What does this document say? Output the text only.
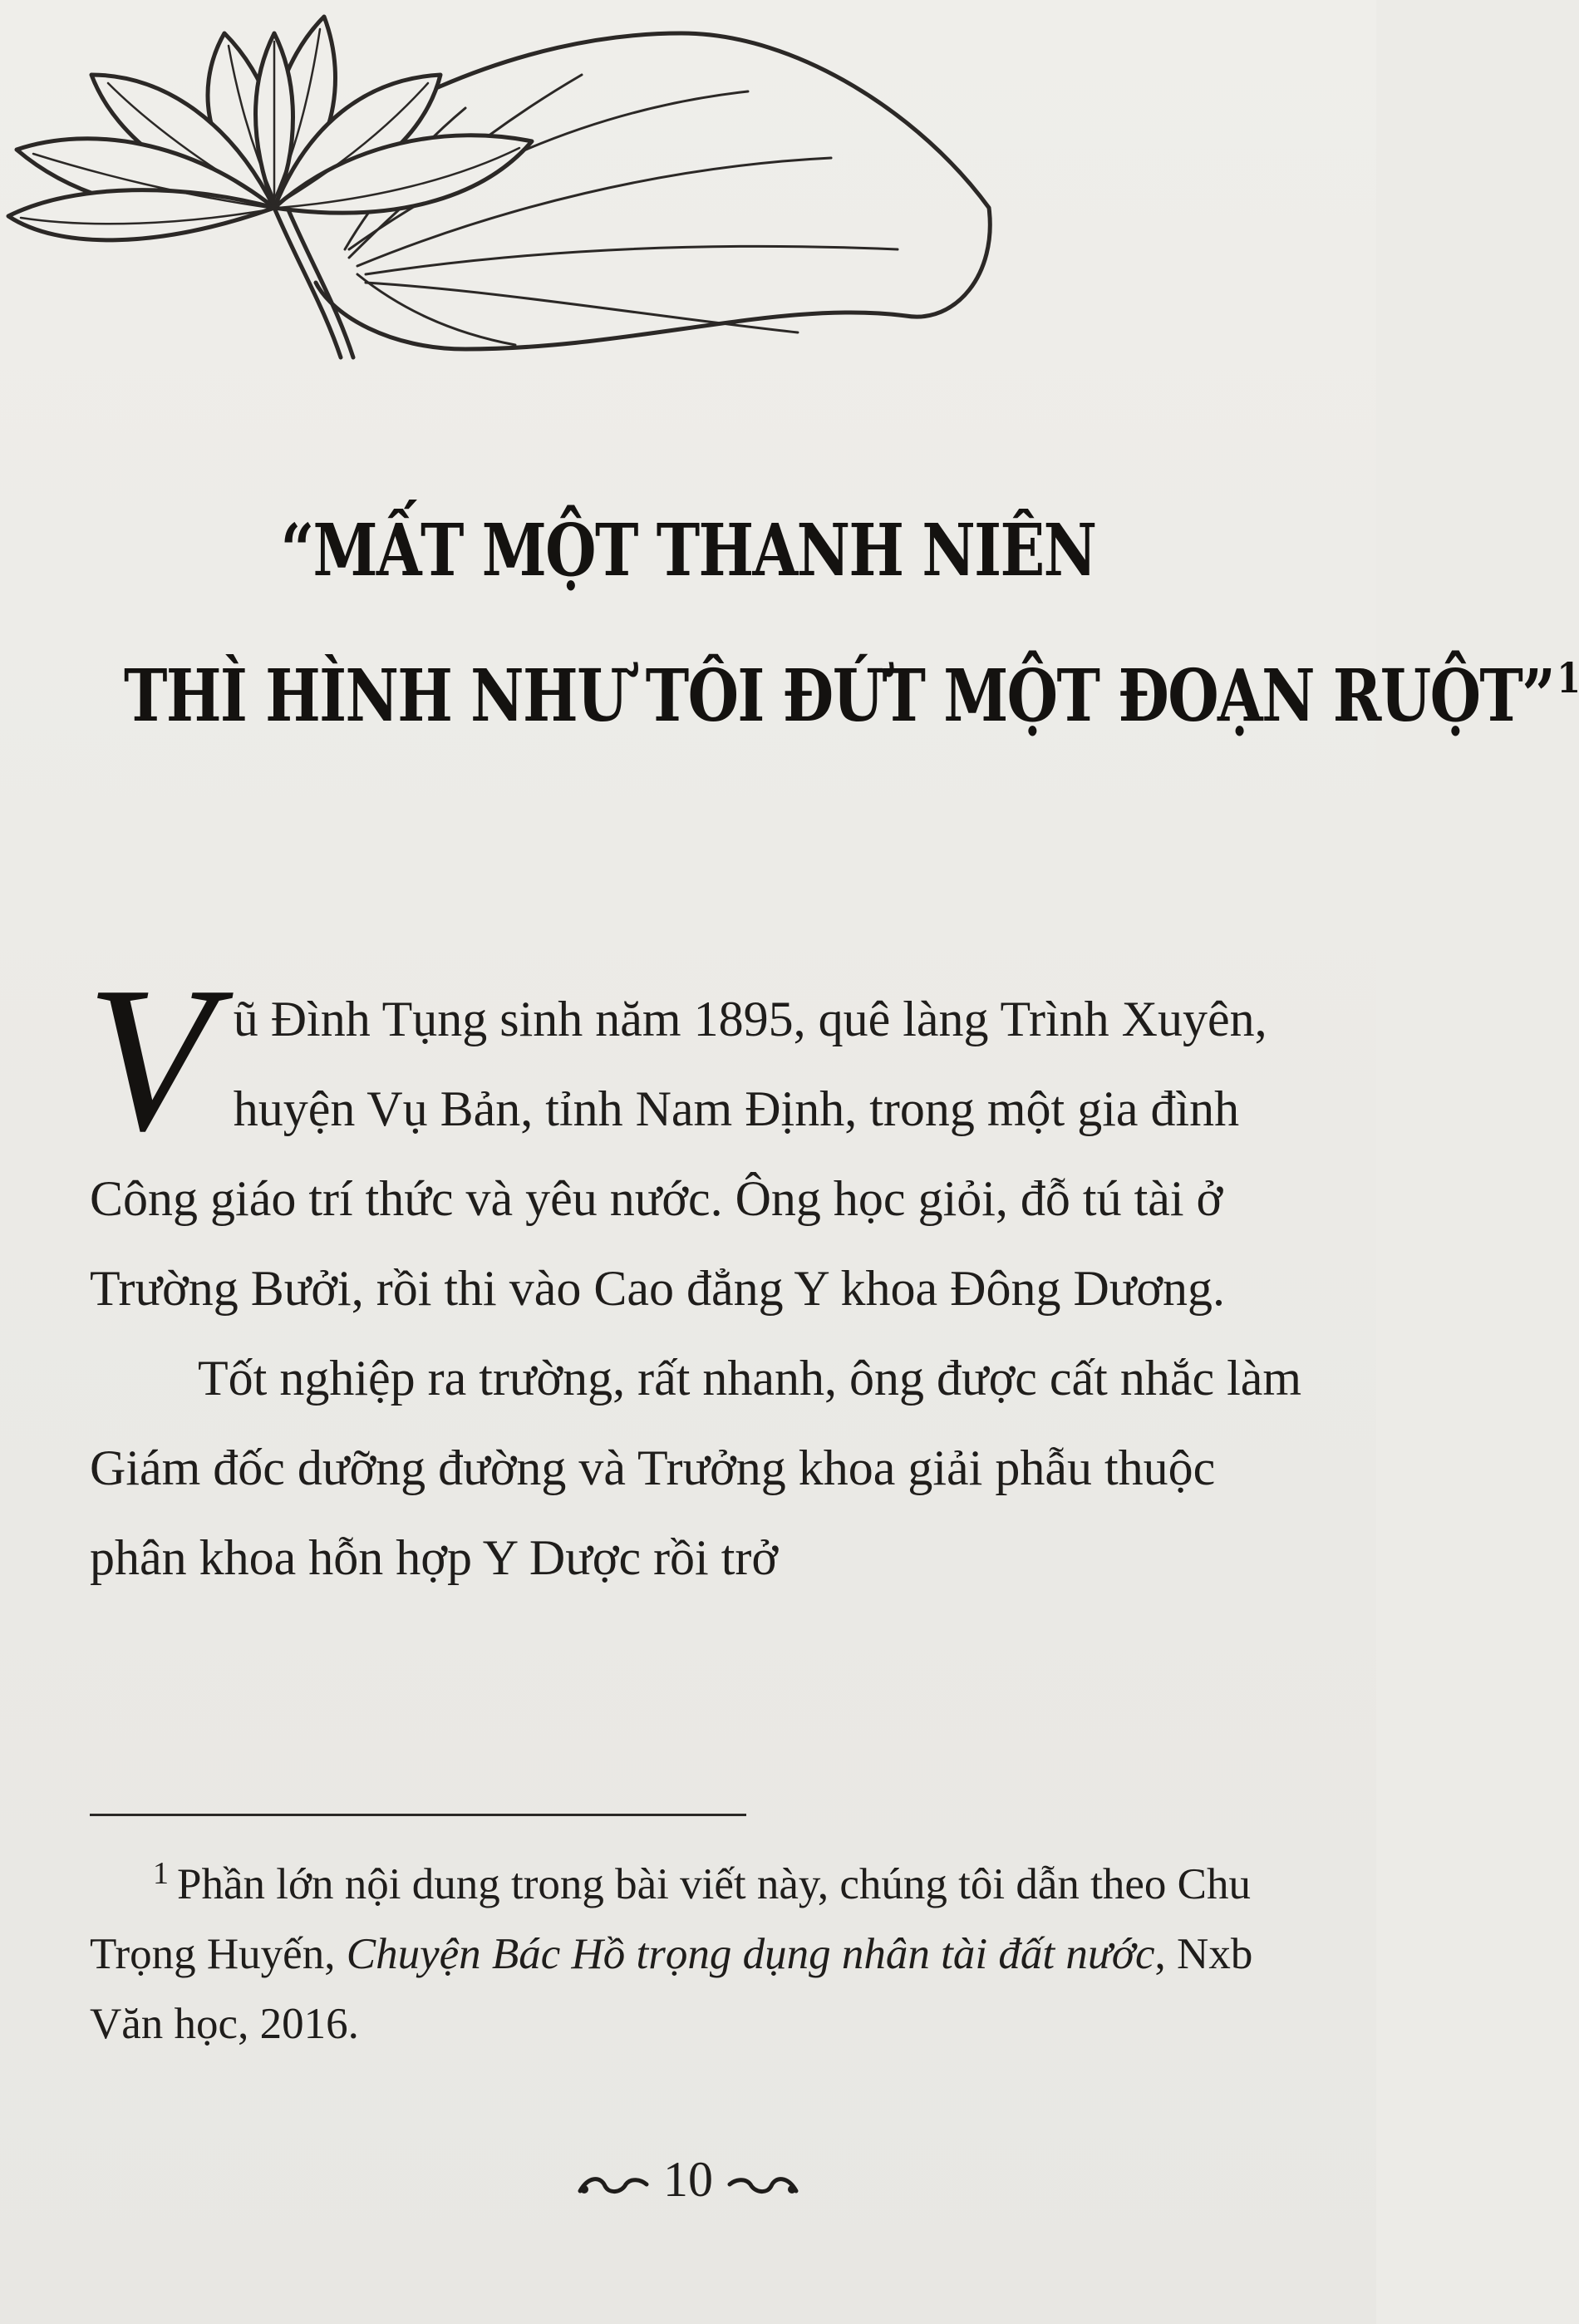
“MẤT MỘT THANH NIÊN
THÌ HÌNH NHƯ TÔI ĐỨT MỘT ĐOẠN RUỘT”$^1$

Vũ Đình Tụng sinh năm 1895, quê làng Trình Xuyên, huyện Vụ Bản, tỉnh Nam Định, trong một gia đình Công giáo trí thức và yêu nước. Ông học giỏi, đỗ tú tài ở Trường Bưởi, rồi thi vào Cao đẳng Y khoa Đông Dương.

Tốt nghiệp ra trường, rất nhanh, ông được cất nhắc làm Giám đốc dưỡng đường và Trưởng khoa giải phẫu thuộc phân khoa hỗn hợp Y Dược rồi trở

$^1$ Phần lớn nội dung trong bài viết này, chúng tôi dẫn theo Chu Trọng Huyến, Chuyện Bác Hồ trọng dụng nhân tài đất nước, Nxb Văn học, 2016.
10
